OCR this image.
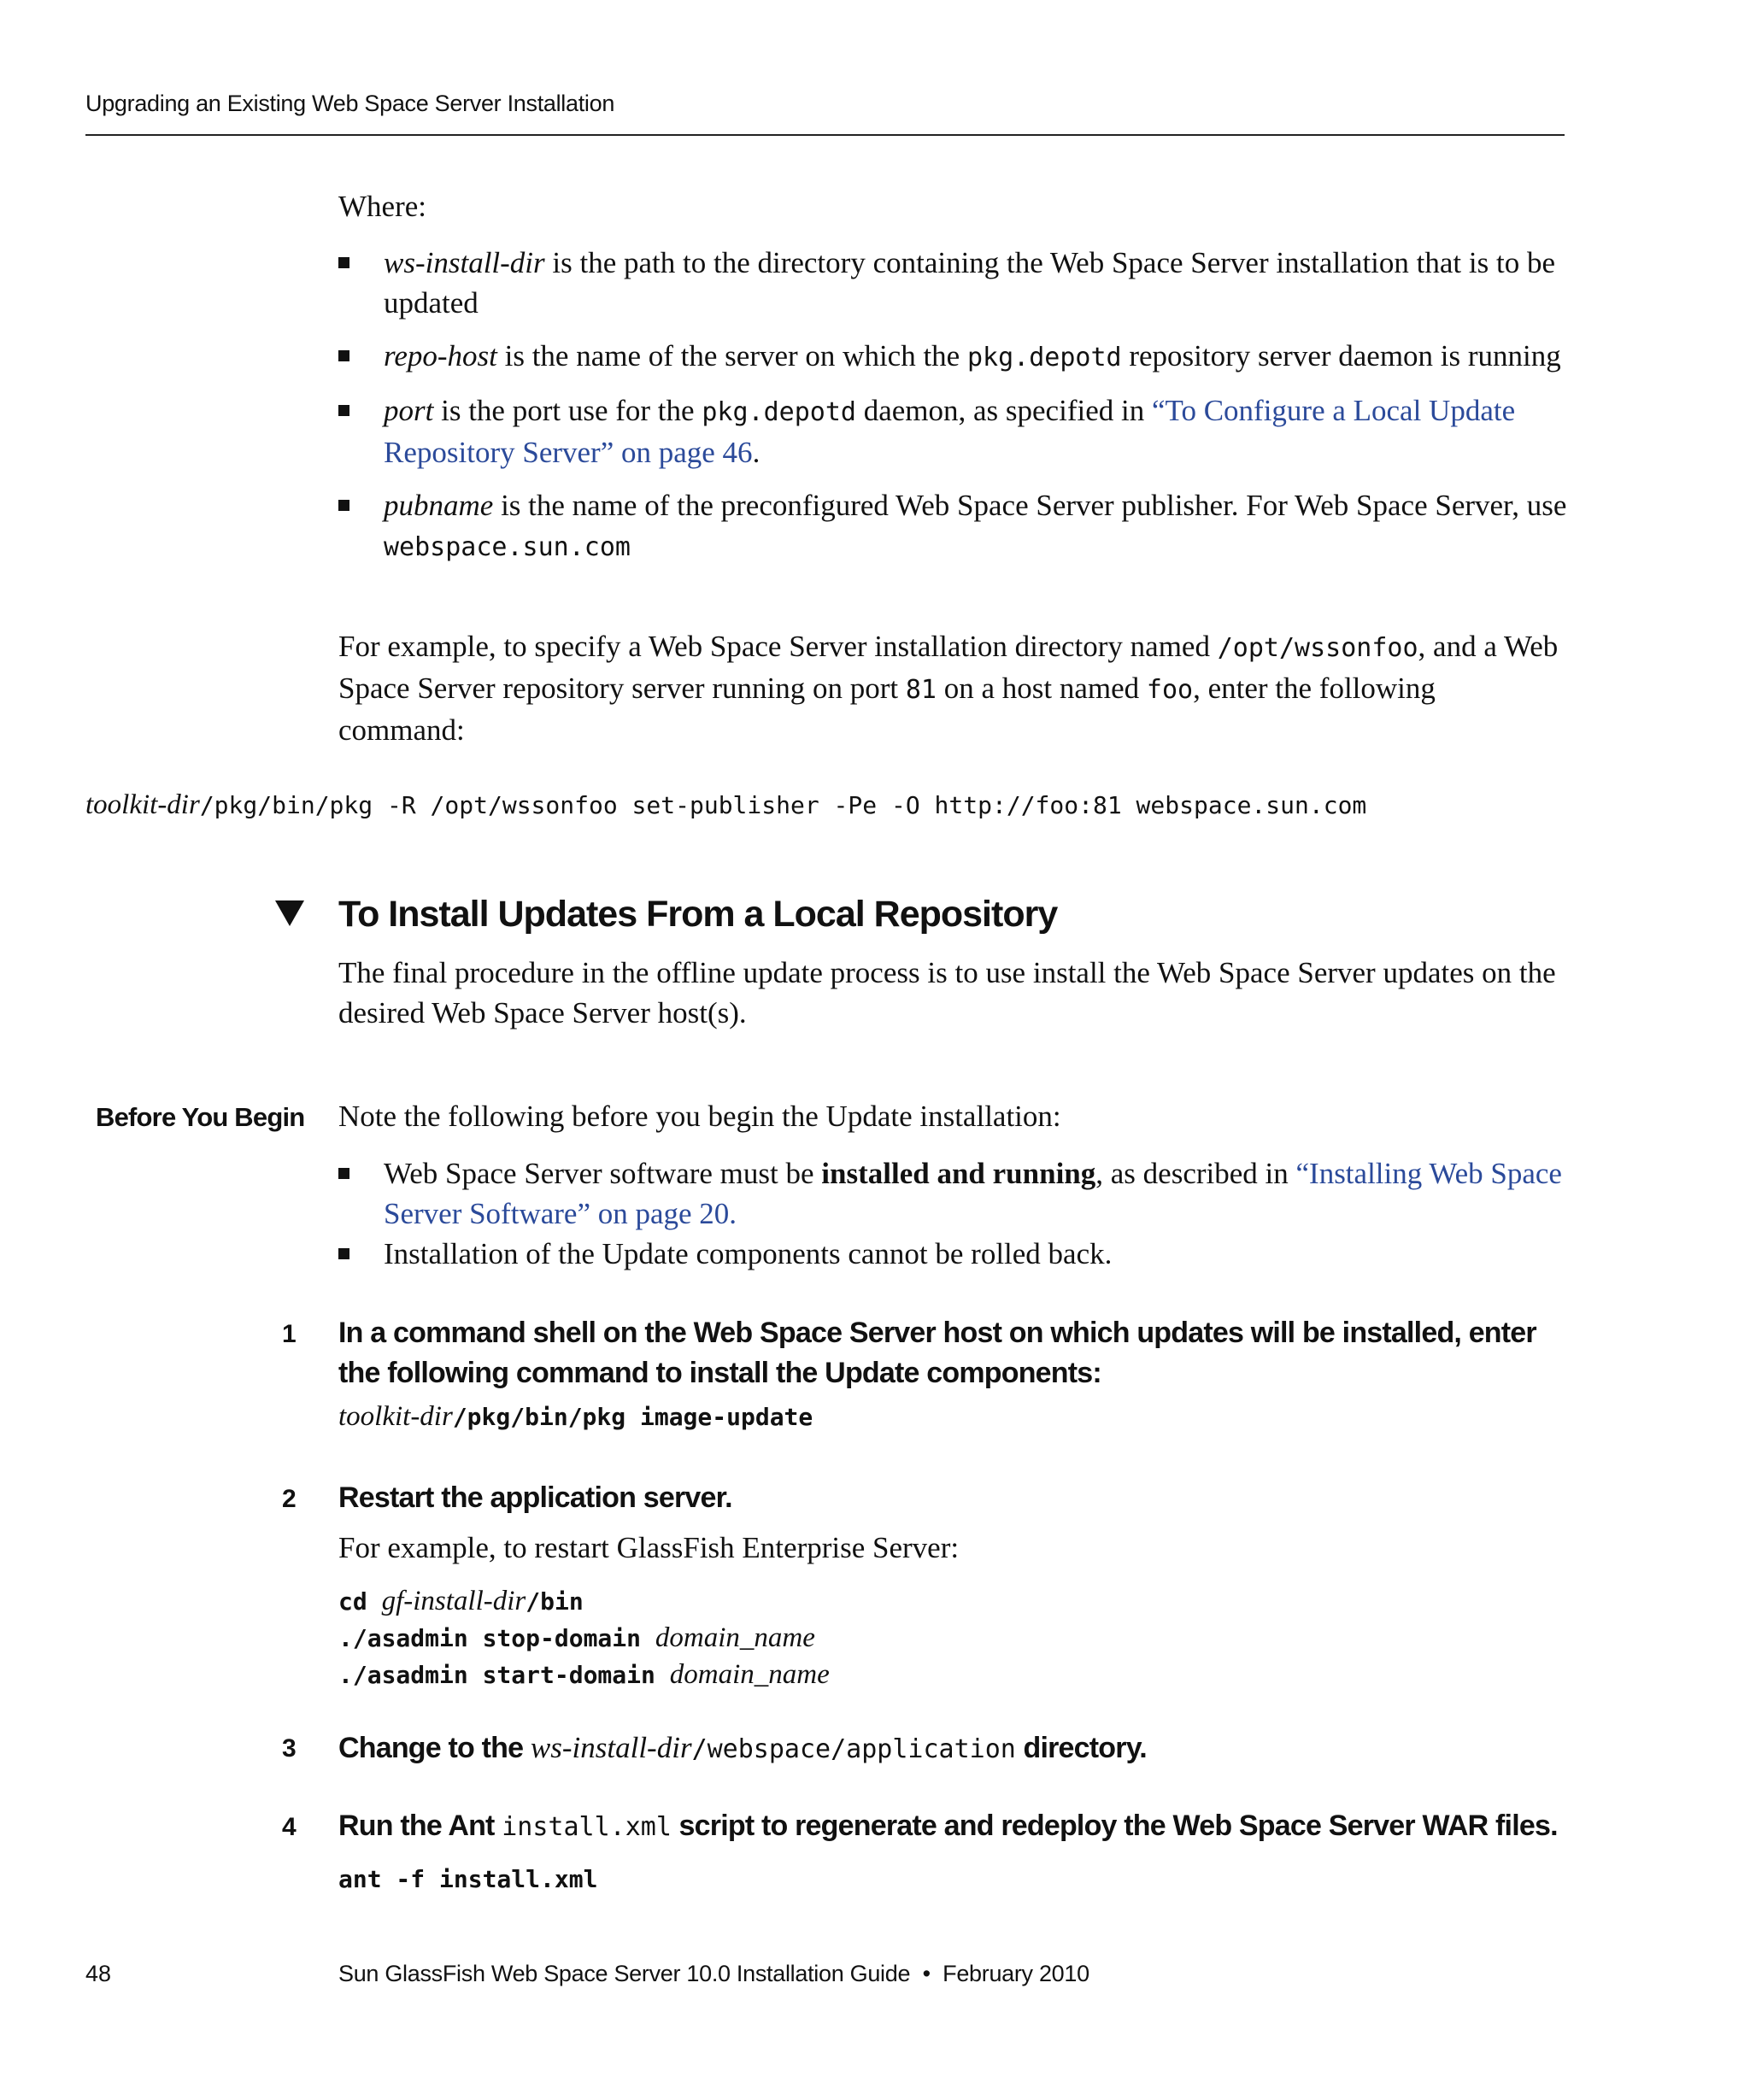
Upgrading an Existing Web Space Server Installation
Where:
ws-install-dir is the path to the directory containing the Web Space Server installation that is to be updated
repo-host is the name of the server on which the pkg.depotd repository server daemon is running
port is the port use for the pkg.depotd daemon, as specified in “To Configure a Local Update Repository Server” on page 46.
pubname is the name of the preconfigured Web Space Server publisher. For Web Space Server, use webspace.sun.com
For example, to specify a Web Space Server installation directory named /opt/wssonfoo, and a Web Space Server repository server running on port 81 on a host named foo, enter the following command:
toolkit-dir/pkg/bin/pkg -R /opt/wssonfoo set-publisher -Pe -O http://foo:81 webspace.sun.com
To Install Updates From a Local Repository
The final procedure in the offline update process is to use install the Web Space Server updates on the desired Web Space Server host(s).
Before You Begin Note the following before you begin the Update installation:
Web Space Server software must be installed and running, as described in “Installing Web Space Server Software” on page 20.
Installation of the Update components cannot be rolled back.
1 In a command shell on the Web Space Server host on which updates will be installed, enter the following command to install the Update components:
toolkit-dir/pkg/bin/pkg image-update
2 Restart the application server.
For example, to restart GlassFish Enterprise Server:
cd gf-install-dir/bin
./asadmin stop-domain domain_name
./asadmin start-domain domain_name
3 Change to the ws-install-dir/webspace/application directory.
4 Run the Ant install.xml script to regenerate and redeploy the Web Space Server WAR files.
ant -f install.xml
48	Sun GlassFish Web Space Server 10.0 Installation Guide  •  February 2010
